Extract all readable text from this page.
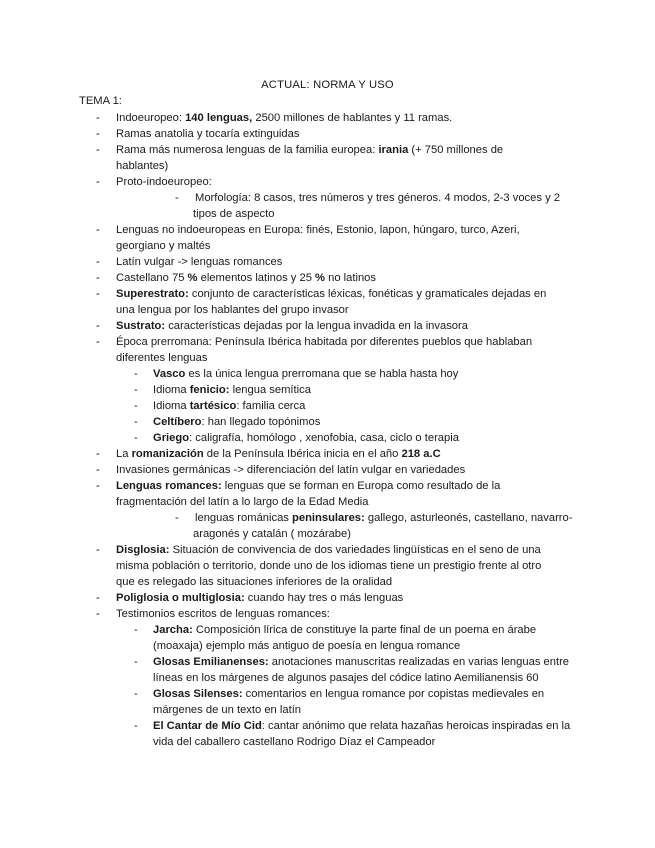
ACTUAL: NORMA Y USO
TEMA 1:
- Indoeuropeo: 140 lenguas, 2500 millones de hablantes y 11 ramas.
- Ramas anatolia y tocaría extinguidas
- Rama más numerosa lenguas de la familia europea: irania (+ 750 millones de hablantes)
- Proto-indoeuropeo:
- Morfología: 8 casos, tres números y tres géneros. 4 modos, 2-3 voces y 2 tipos de aspecto
- Lenguas no indoeuropeas en Europa: finés, Estonio, lapon, húngaro, turco, Azeri, georgiano y maltés
- Latín vulgar -> lenguas romances
- Castellano 75 % elementos latinos y 25 % no latinos
- Superestrato: conjunto de características léxicas, fonéticas y gramaticales dejadas en una lengua por los hablantes del grupo invasor
- Sustrato: características dejadas por la lengua invadida en la invasora
- Época prerromana: Península Ibérica habitada por diferentes pueblos que hablaban diferentes lenguas
- Vasco es la única lengua prerromana que se habla hasta hoy
- Idioma fenicio: lengua semítica
- Idioma tartésico: familia cerca
- Celtíbero: han llegado topónimos
- Griego: caligrafía, homólogo , xenofobia, casa, ciclo o terapia
- La romanización de la Península Ibérica inicia en el año 218 a.C
- Invasiones germánicas -> diferenciación del latín vulgar en variedades
- Lenguas romances: lenguas que se forman en Europa como resultado de la fragmentación del latín a lo largo de la Edad Media
- lenguas románicas peninsulares: gallego, asturleonés, castellano, navarro-aragonés y catalán ( mozárabe)
- Disglosia: Situación de convivencia de dos variedades lingüísticas en el seno de una misma población o territorio, donde uno de los idiomas tiene un prestigio frente al otro que es relegado las situaciones inferiores de la oralidad
- Poliglosia o multiglosia: cuando hay tres o más lenguas
- Testimonios escritos de lenguas romances:
- Jarcha: Composición lírica de constituye la parte final de un poema en árabe (moaxaja) ejemplo más antiguo de poesía en lengua romance
- Glosas Emilianenses: anotaciones manuscritas realizadas en varias lenguas entre líneas en los márgenes de algunos pasajes del códice latino Aemilianensis 60
- Glosas Silenses: comentarios en lengua romance por copistas medievales en márgenes de un texto en latín
- El Cantar de Mío Cid: cantar anónimo que relata hazañas heroicas inspiradas en la vida del caballero castellano Rodrigo Díaz el Campeador
